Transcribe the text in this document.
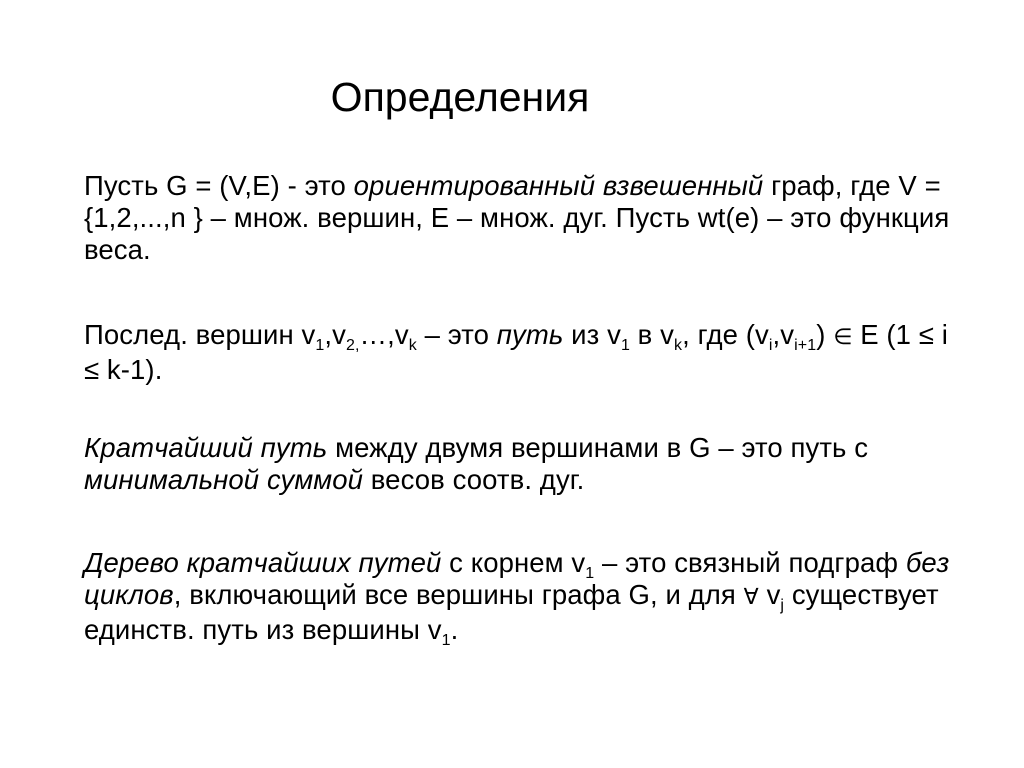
Определения
Пусть G = (V,E) - это ориентированный взвешенный граф, где V = {1,2,...,n } – множ. вершин, E – множ. дуг. Пусть wt(e) – это функция веса.
Послед. вершин $v_1,v_{2,}\dots,v_k$ – это путь из $v_1$ в $v_k$, где $(v_i,v_{i+1})$ ∈ E (1 ≤ i ≤ k-1).
Кратчайший путь между двумя вершинами в G – это путь с минимальной суммой весов соотв. дуг.
Дерево кратчайших путей с корнем $v_1$ – это связный подграф без циклов, включающий все вершины графа G, и для ∀ $v_j$ существует единств. путь из вершины $v_1$.
